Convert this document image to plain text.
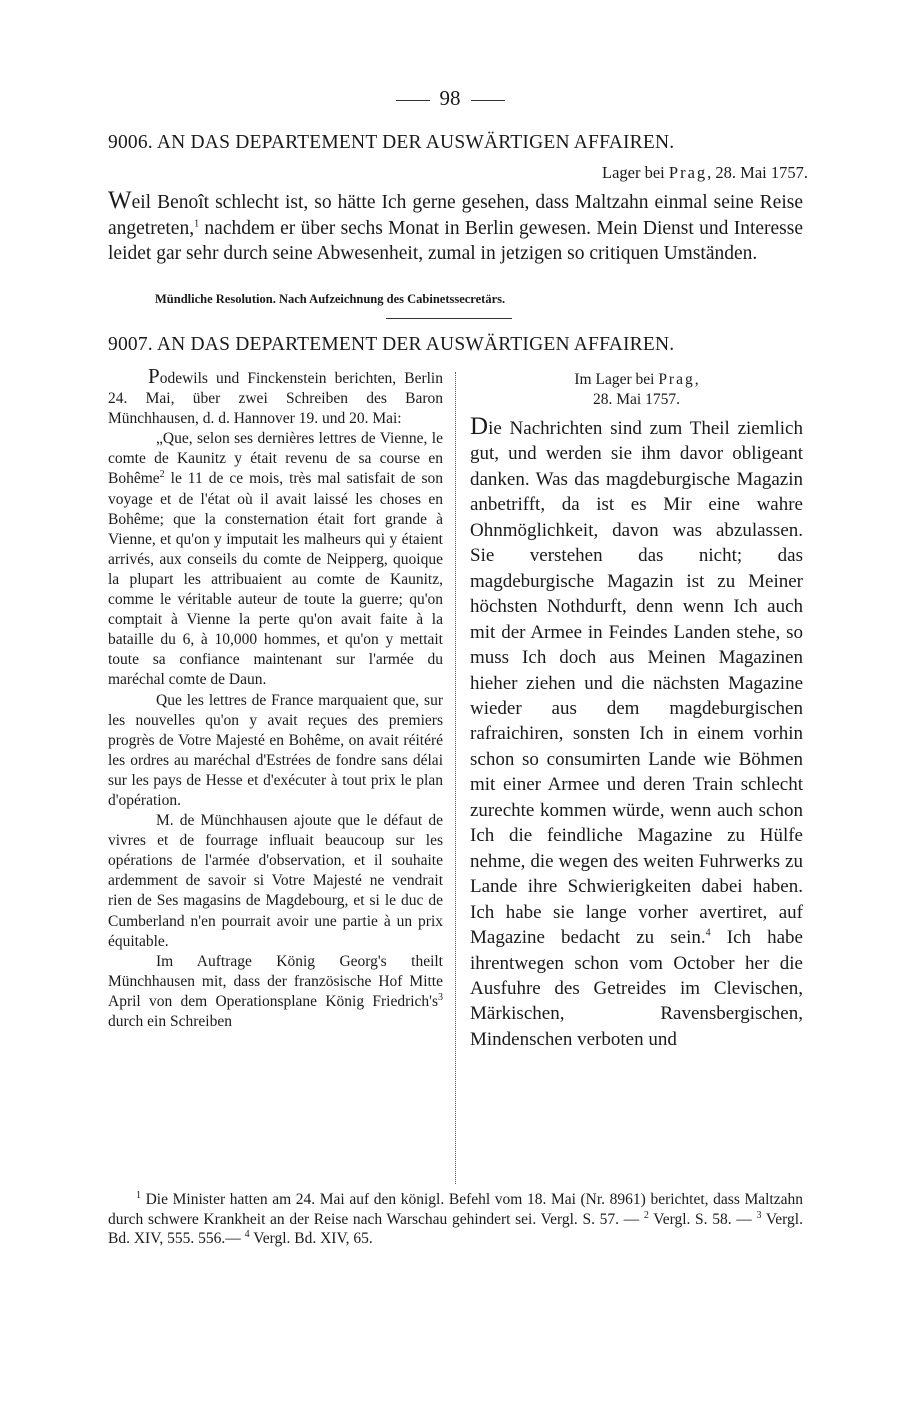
98
9006. AN DAS DEPARTEMENT DER AUSWÄRTIGEN AFFAIREN.
Lager bei Prag, 28. Mai 1757.
Weil Benoît schlecht ist, so hätte Ich gerne gesehen, dass Maltzahn einmal seine Reise angetreten,$^1$ nachdem er über sechs Monat in Berlin gewesen. Mein Dienst und Interesse leidet gar sehr durch seine Abwesenheit, zumal in jetzigen so critiquen Umständen.
Mündliche Resolution. Nach Aufzeichnung des Cabinetssecretärs.
9007. AN DAS DEPARTEMENT DER AUSWÄRTIGEN AFFAIREN.

Podewils und Finckenstein berichten, Berlin 24. Mai, über zwei Schreiben des Baron Münchhausen, d. d. Hannover 19. und 20. Mai:

„Que, selon ses dernières lettres de Vienne, le comte de Kaunitz y était revenu de sa course en Bohême$^2$ le 11 de ce mois, très mal satisfait de son voyage et de l'état où il avait laissé les choses en Bohême; que la consternation était fort grande à Vienne, et qu'on y imputait les malheurs qui y étaient arrivés, aux conseils du comte de Neipperg, quoique la plupart les attribuaient au comte de Kaunitz, comme le véritable auteur de toute la guerre; qu'on comptait à Vienne la perte qu'on avait faite à la bataille du 6, à 10,000 hommes, et qu'on y mettait toute sa confiance maintenant sur l'armée du maréchal comte de Daun.

Que les lettres de France marquaient que, sur les nouvelles qu'on y avait reçues des premiers progrès de Votre Majesté en Bohême, on avait réitéré les ordres au maréchal d'Estrées de fondre sans délai sur les pays de Hesse et d'exécuter à tout prix le plan d'opération.

M. de Münchhausen ajoute que le défaut de vivres et de fourrage influait beaucoup sur les opérations de l'armée d'observation, et il souhaite ardemment de savoir si Votre Majesté ne vendrait rien de Ses magasins de Magdebourg, et si le duc de Cumberland n'en pourrait avoir une partie à un prix équitable.

Im Auftrage König Georg's theilt Münchhausen mit, dass der französische Hof Mitte April von dem Operationsplane König $Friedrich's^3$ durch ein Schreiben

Im Lager bei Prag,
28. Mai 1757.
Die Nachrichten sind zum Theil ziemlich gut, und werden sie ihm davor obligeant danken. Was das magdeburgische Magazin anbetrifft, da ist es Mir eine wahre Ohnmöglichkeit, davon was abzulassen. Sie verstehen das nicht; das magdeburgische Magazin ist zu Meiner höchsten Nothdurft, denn wenn Ich auch mit der Armee in Feindes Landen stehe, so muss Ich doch aus Meinen Magazinen hieher ziehen und die nächsten Magazine wieder aus dem magdeburgischen rafraichiren, sonsten Ich in einem vorhin schon so consumirten Lande wie Böhmen mit einer Armee und deren Train schlecht zurechte kommen würde, wenn auch schon Ich die feindliche Magazine zu Hülfe nehme, die wegen des weiten Fuhrwerks zu Lande ihre Schwierigkeiten dabei haben. Ich habe sie lange vorher avertiret, auf Magazine bedacht zu sein.$^4$ Ich habe ihrentwegen schon vom October her die Ausfuhre des Getreides im Clevischen, Märkischen, Ravensbergischen, Mindenschen verboten und

$^1$ Die Minister hatten am 24. Mai auf den königl. Befehl vom 18. Mai (Nr. 8961) berichtet, dass Maltzahn durch schwere Krankheit an der Reise nach Warschau gehindert sei. Vergl. S. 57. — $^2$ Vergl. S. 58. — $^3$ Vergl. Bd. XIV, 555. 556.— $^4$ Vergl. Bd. XIV, 65.
